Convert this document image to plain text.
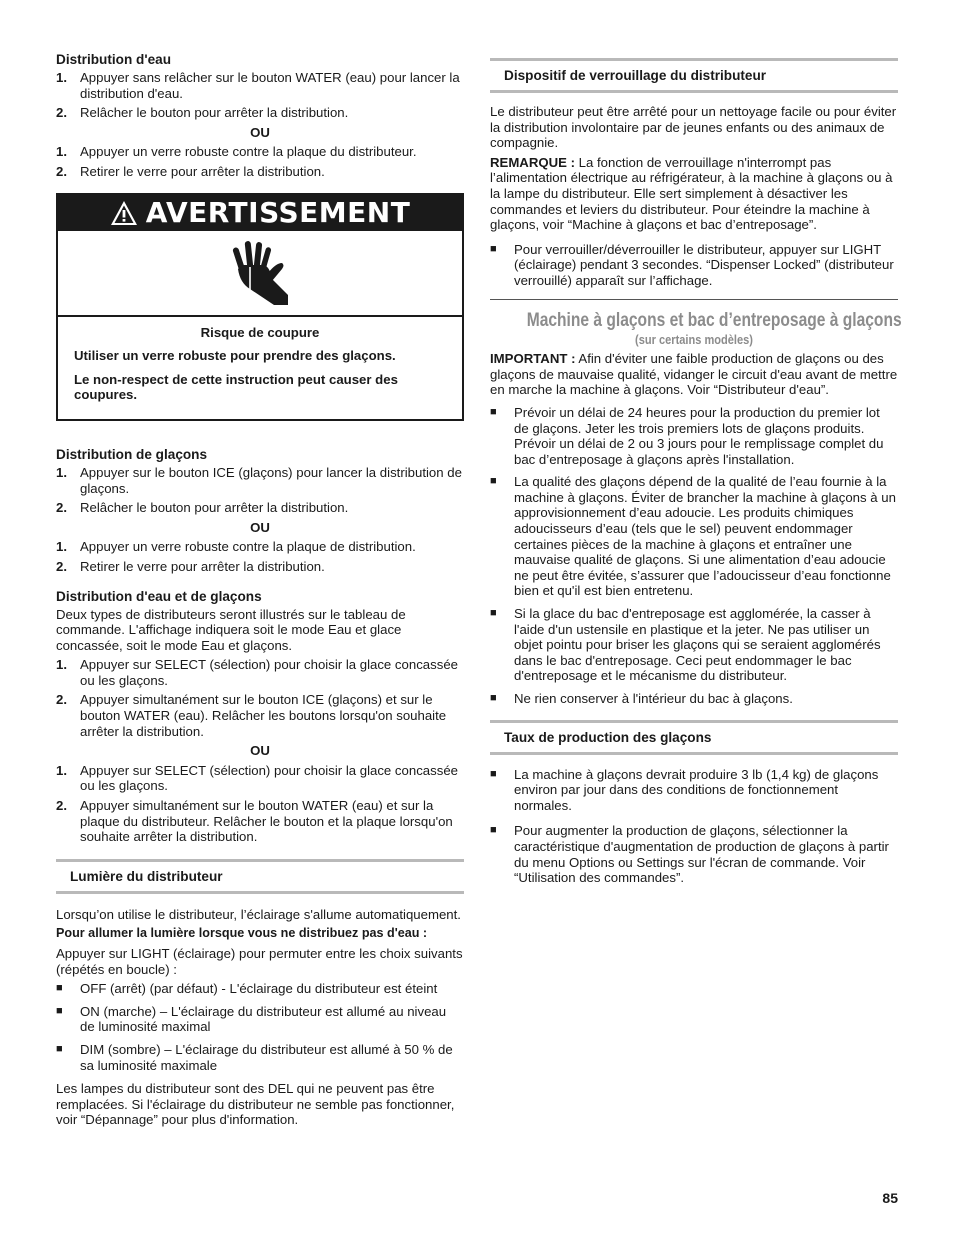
Distribution d'eau
1. Appuyer sans relâcher sur le bouton WATER (eau) pour lancer la distribution d'eau.
2. Relâcher le bouton pour arrêter la distribution.
OU
1. Appuyer un verre robuste contre la plaque du distributeur.
2. Retirer le verre pour arrêter la distribution.
AVERTISSEMENT

Risque de coupure

Utiliser un verre robuste pour prendre des glaçons.

Le non-respect de cette instruction peut causer des coupures.

Distribution de glaçons
1. Appuyer sur le bouton ICE (glaçons) pour lancer la distribution de glaçons.
2. Relâcher le bouton pour arrêter la distribution.
OU
1. Appuyer un verre robuste contre la plaque de distribution.
2. Retirer le verre pour arrêter la distribution.
Distribution d'eau et de glaçons

Deux types de distributeurs seront illustrés sur le tableau de commande. L'affichage indiquera soit le mode Eau et glace concassée, soit le mode Eau et glaçons.

1. Appuyer sur SELECT (sélection) pour choisir la glace concassée ou les glaçons.
2. Appuyer simultanément sur le bouton ICE (glaçons) et sur le bouton WATER (eau). Relâcher les boutons lorsqu'on souhaite arrêter la distribution.
OU
1. Appuyer sur SELECT (sélection) pour choisir la glace concassée ou les glaçons.
2. Appuyer simultanément sur le bouton WATER (eau) et sur la plaque du distributeur. Relâcher le bouton et la plaque lorsqu'on souhaite arrêter la distribution.
Lumière du distributeur

Lorsqu’on utilise le distributeur, l’éclairage s'allume automatiquement.

Pour allumer la lumière lorsque vous ne distribuez pas d'eau :

Appuyer sur LIGHT (éclairage) pour permuter entre les choix suivants (répétés en boucle) :

■	OFF (arrêt) (par défaut) - L'éclairage du distributeur est éteint
■	ON (marche) – L'éclairage du distributeur est allumé au niveau de luminosité maximal
■	DIM (sombre) – L'éclairage du distributeur est allumé à 50 % de sa luminosité maximale

Les lampes du distributeur sont des DEL qui ne peuvent pas être remplacées. Si l'éclairage du distributeur ne semble pas fonctionner, voir “Dépannage” pour plus d'information.

Dispositif de verrouillage du distributeur

Le distributeur peut être arrêté pour un nettoyage facile ou pour éviter la distribution involontaire par de jeunes enfants ou des animaux de compagnie.

REMARQUE : La fonction de verrouillage n'interrompt pas l’alimentation électrique au réfrigérateur, à la machine à glaçons ou à la lampe du distributeur. Elle sert simplement à désactiver les commandes et leviers du distributeur. Pour éteindre la machine à glaçons, voir “Machine à glaçons et bac d’entreposage”.

■	Pour verrouiller/déverrouiller le distributeur, appuyer sur LIGHT (éclairage) pendant 3 secondes. “Dispenser Locked” (distributeur verrouillé) apparaît sur l’affichage.
Machine à glaçons et bac d’entreposage à glaçons
(sur certains modèles)

IMPORTANT : Afin d'éviter une faible production de glaçons ou des glaçons de mauvaise qualité, vidanger le circuit d'eau avant de mettre en marche la machine à glaçons. Voir “Distributeur d'eau”.

■	Prévoir un délai de 24 heures pour la production du premier lot de glaçons. Jeter les trois premiers lots de glaçons produits. Prévoir un délai de 2 ou 3 jours pour le remplissage complet du bac d’entreposage à glaçons après l'installation.
■	La qualité des glaçons dépend de la qualité de l’eau fournie à la machine à glaçons. Éviter de brancher la machine à glaçons à un approvisionnement d’eau adoucie. Les produits chimiques adoucisseurs d’eau (tels que le sel) peuvent endommager certaines pièces de la machine à glaçons et entraîner une mauvaise qualité de glaçons. Si une alimentation d’eau adoucie ne peut être évitée, s’assurer que l’adoucisseur d’eau fonctionne bien et qu'il est bien entretenu.
■	Si la glace du bac d'entreposage est agglomérée, la casser à l'aide d'un ustensile en plastique et la jeter. Ne pas utiliser un objet pointu pour briser les glaçons qui se seraient agglomérés dans le bac d'entreposage. Ceci peut endommager le bac d'entreposage et le mécanisme du distributeur.
■	Ne rien conserver à l'intérieur du bac à glaçons.
Taux de production des glaçons
■	La machine à glaçons devrait produire 3 lb (1,4 kg) de glaçons environ par jour dans des conditions de fonctionnement normales.
■	Pour augmenter la production de glaçons, sélectionner la caractéristique d'augmentation de production de glaçons à partir du menu Options ou Settings sur l'écran de commande. Voir “Utilisation des commandes”.
85
